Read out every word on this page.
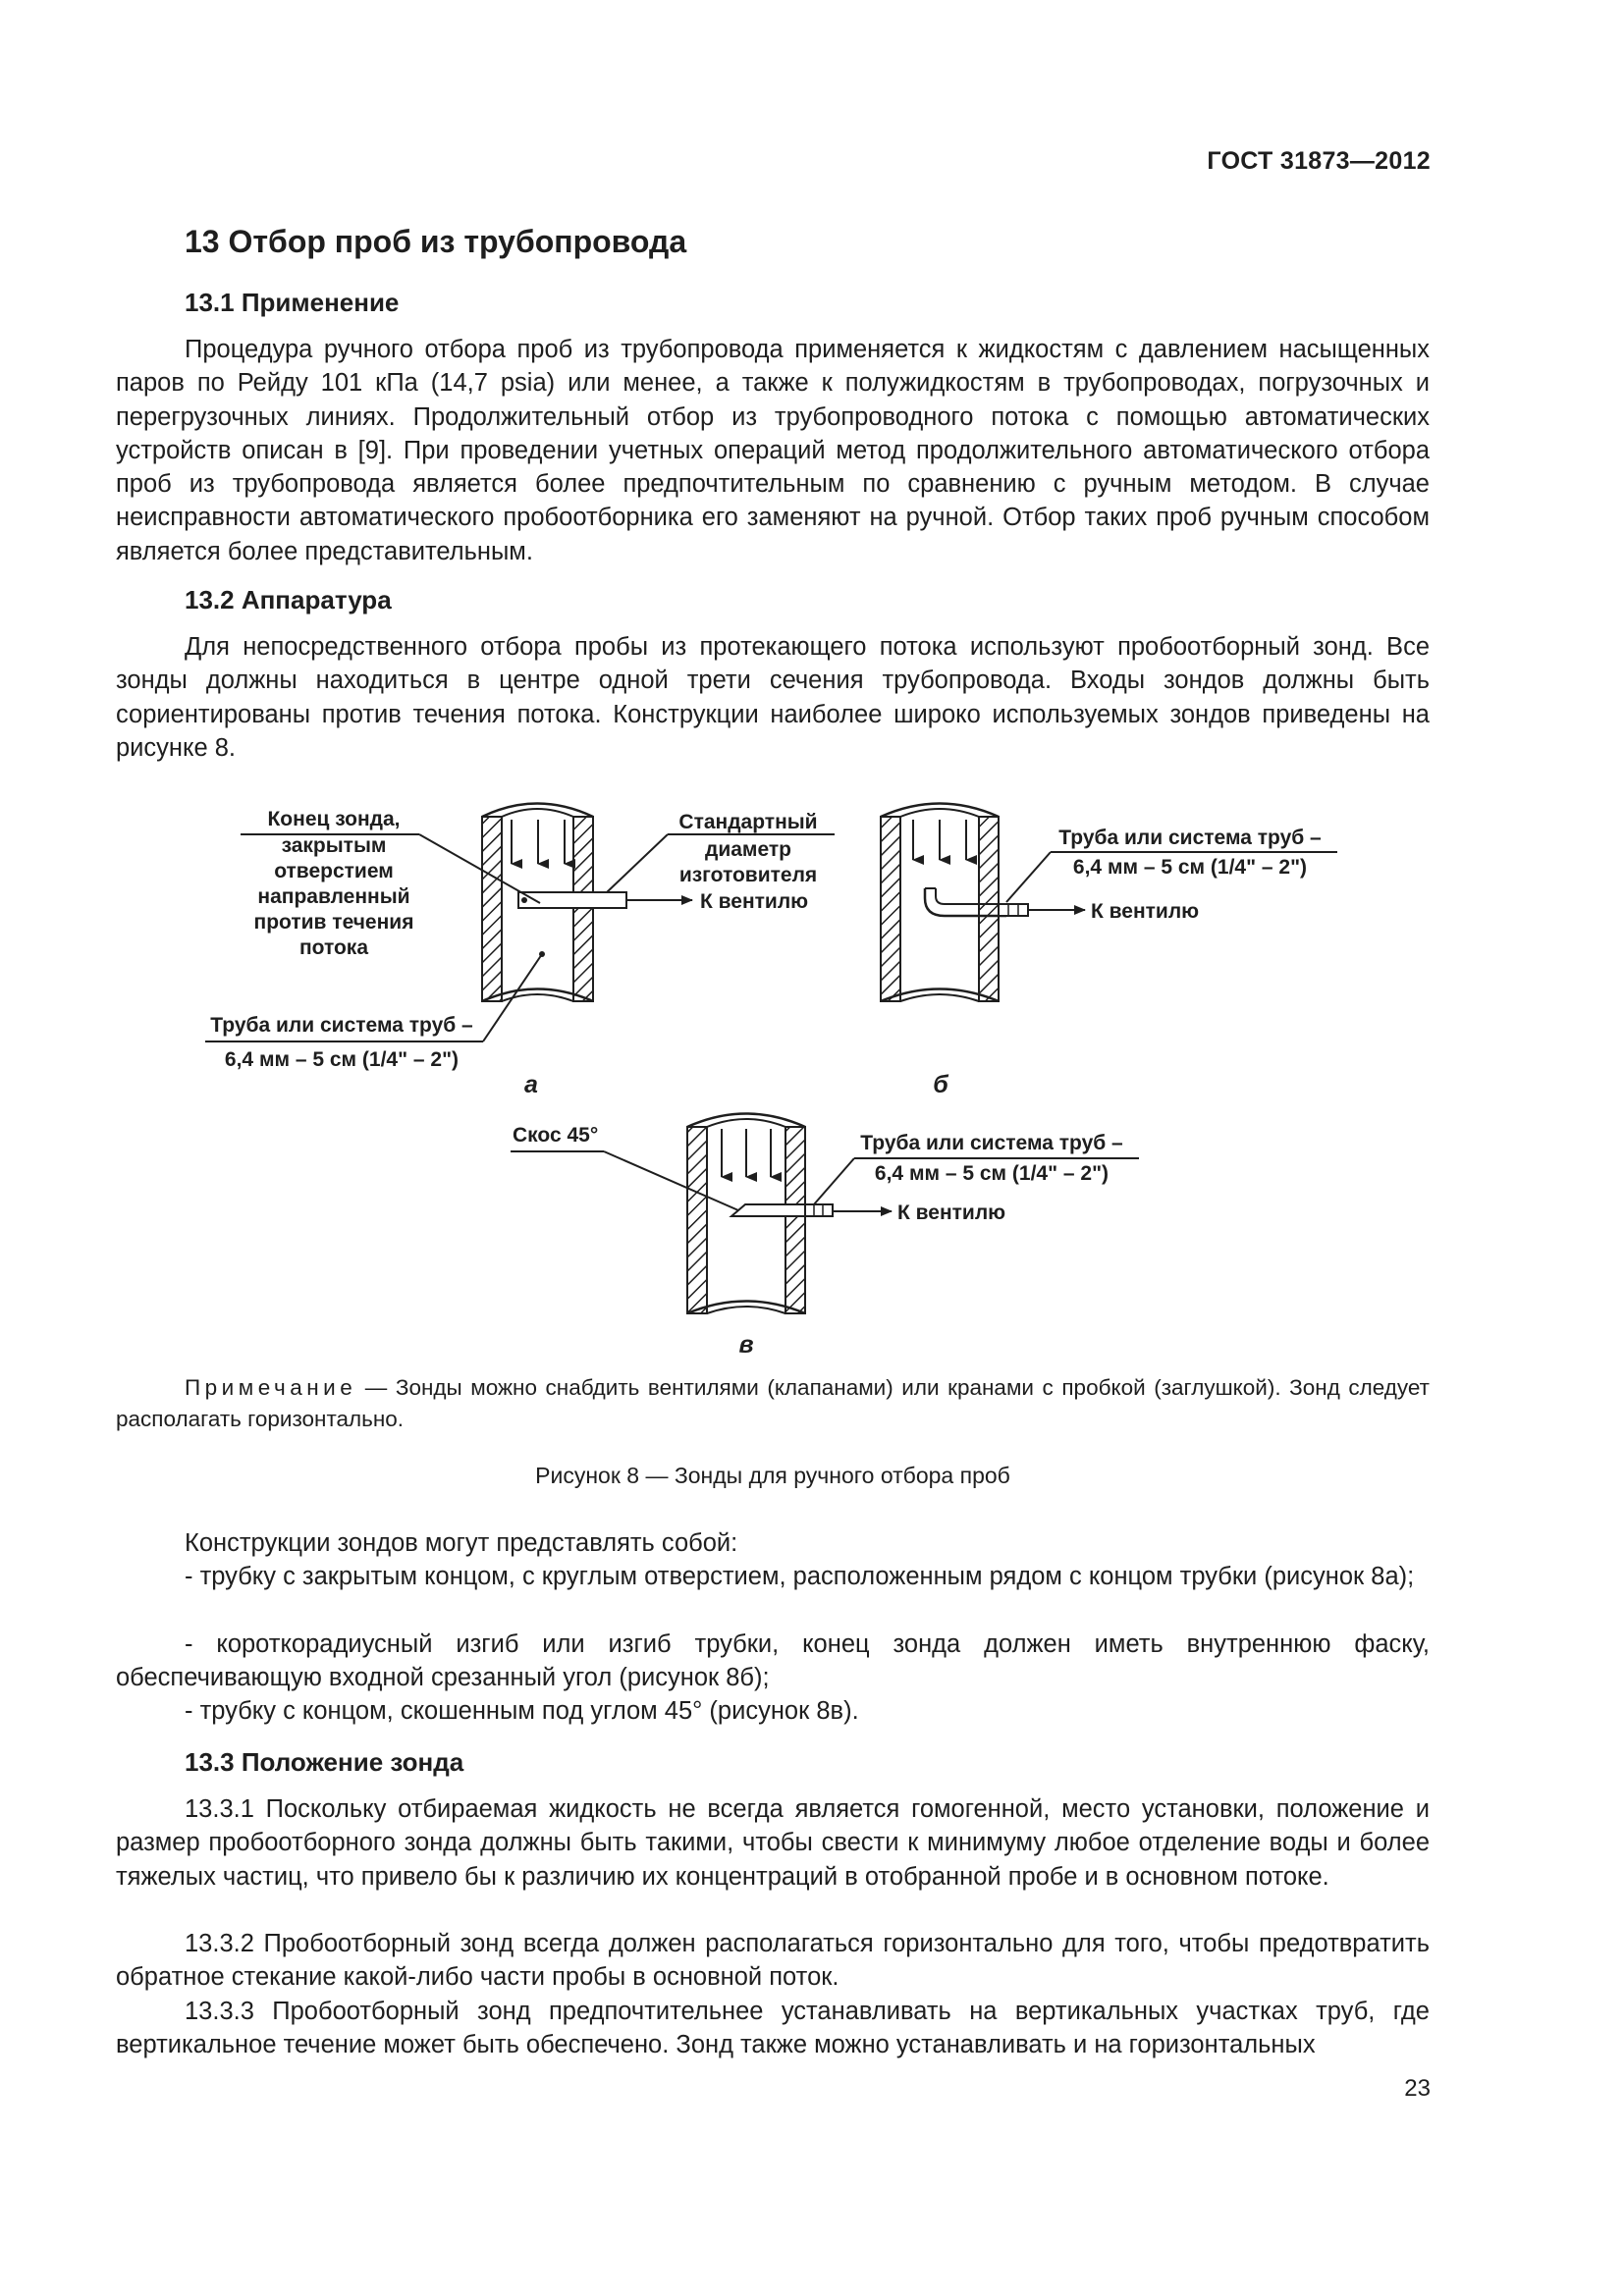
ГОСТ 31873—2012
13 Отбор проб из трубопровода
13.1 Применение

Процедура ручного отбора проб из трубопровода применяется к жидкостям с давлением насыщенных паров по Рейду 101 кПа (14,7 psia) или менее, а также к полужидкостям в трубопроводах, погрузочных и перегрузочных линиях. Продолжительный отбор из трубопроводного потока с помощью автоматических устройств описан в [9]. При проведении учетных операций метод продолжительного автоматического отбора проб из трубопровода является более предпочтительным по сравнению с ручным методом. В случае неисправности автоматического пробоотборника его заменяют на ручной. Отбор таких проб ручным способом является более представительным.

13.2 Аппаратура

Для непосредственного отбора пробы из протекающего потока используют пробоотборный зонд. Все зонды должны находиться в центре одной трети сечения трубопровода. Входы зондов должны быть сориентированы против течения потока. Конструкции наиболее широко используемых зондов приведены на рисунке 8.

Конец зонда,
закрытым
отверстием
направленный
против течения
потока
Стандартный
диаметр
изготовителя
К вентилю
Труба или система труб –
6,4 мм – 5 см (1/4" – 2")
а
Труба или система труб –
6,4 мм – 5 см (1/4" – 2")
К вентилю
б
Скос 45°	Труба или система труб –
6,4 мм – 5 см (1/4" – 2")
К вентилю
в

Примечание — Зонды можно снабдить вентилями (клапанами) или кранами с пробкой (заглушкой). Зонд следует располагать горизонтально.

Рисунок 8 — Зонды для ручного отбора проб

Конструкции зондов могут представлять собой:

- трубку с закрытым концом, с круглым отверстием, расположенным рядом с концом трубки (рисунок 8а);

- короткорадиусный изгиб или изгиб трубки, конец зонда должен иметь внутреннюю фаску, обеспечивающую входной срезанный угол (рисунок 8б);

- трубку с концом, скошенным под углом 45° (рисунок 8в).

13.3 Положение зонда

13.3.1 Поскольку отбираемая жидкость не всегда является гомогенной, место установки, положение и размер пробоотборного зонда должны быть такими, чтобы свести к минимуму любое отделение воды и более тяжелых частиц, что привело бы к различию их концентраций в отобранной пробе и в основном потоке.

13.3.2 Пробоотборный зонд всегда должен располагаться горизонтально для того, чтобы предотвратить обратное стекание какой-либо части пробы в основной поток.

13.3.3 Пробоотборный зонд предпочтительнее устанавливать на вертикальных участках труб, где вертикальное течение может быть обеспечено. Зонд также можно устанавливать и на горизонтальных

23
